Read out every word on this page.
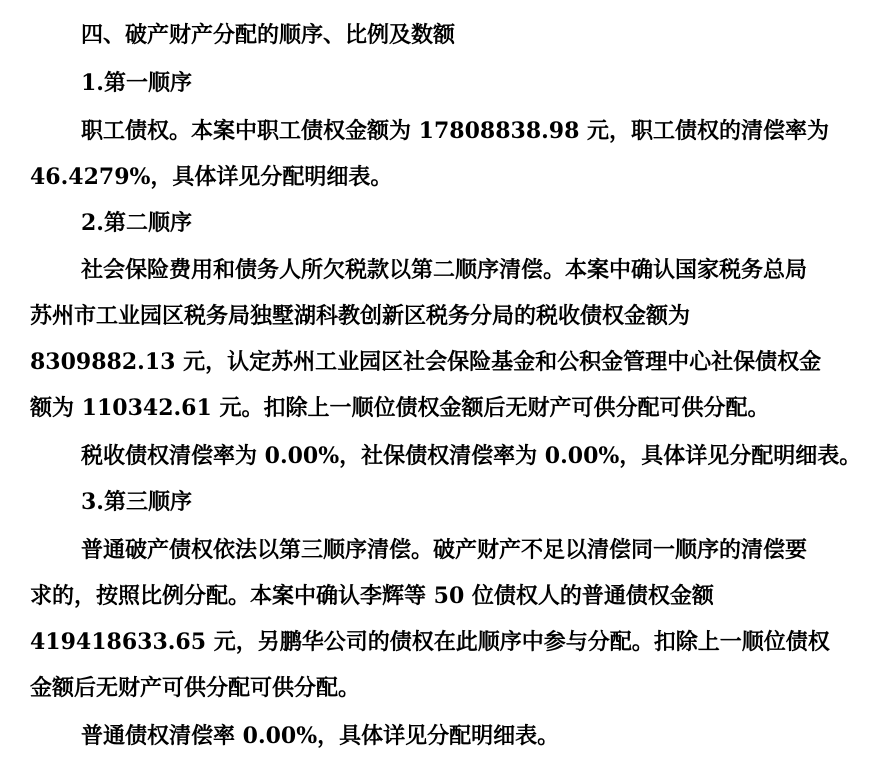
四、破产财产分配的顺序、比例及数额
1.第一顺序
职工债权。本案中职工债权金额为 17808838.98 元，职工债权的清偿率为
46.4279%，具体详见分配明细表。
2.第二顺序
社会保险费用和债务人所欠税款以第二顺序清偿。本案中确认国家税务总局
苏州市工业园区税务局独墅湖科教创新区税务分局的税收债权金额为
8309882.13 元，认定苏州工业园区社会保险基金和公积金管理中心社保债权金
额为 110342.61 元。扣除上一顺位债权金额后无财产可供分配可供分配。
税收债权清偿率为 0.00%，社保债权清偿率为 0.00%，具体详见分配明细表。
3.第三顺序
普通破产债权依法以第三顺序清偿。破产财产不足以清偿同一顺序的清偿要
求的，按照比例分配。本案中确认李辉等 50 位债权人的普通债权金额
419418633.65 元，另鹏华公司的债权在此顺序中参与分配。扣除上一顺位债权
金额后无财产可供分配可供分配。
普通债权清偿率 0.00%，具体详见分配明细表。
